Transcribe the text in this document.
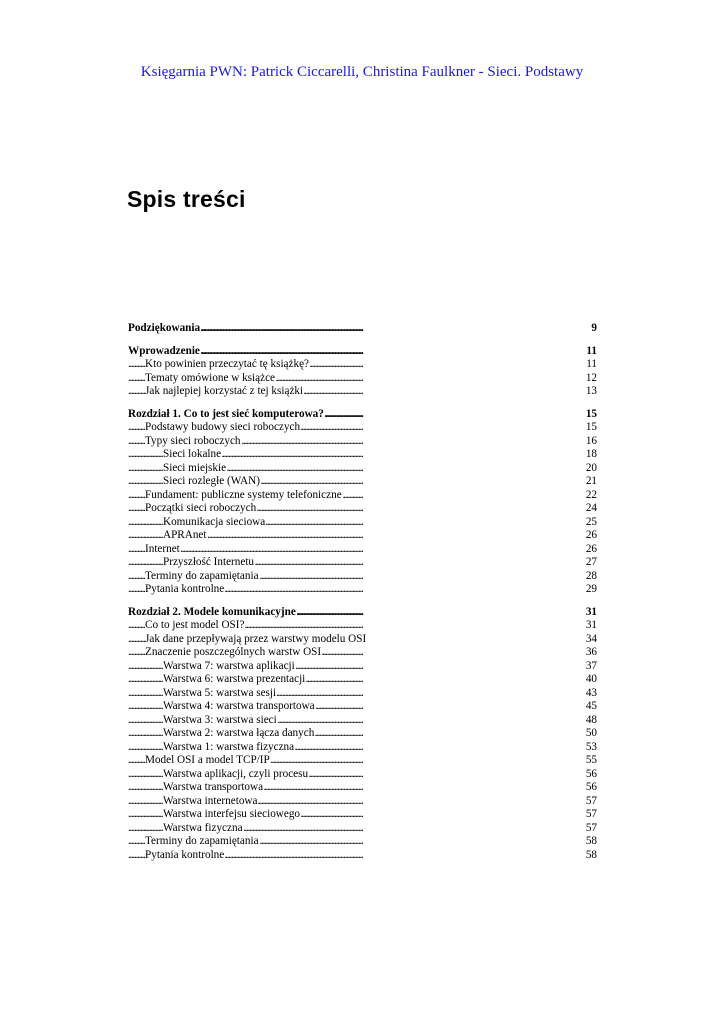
Księgarnia PWN: Patrick Ciccarelli, Christina Faulkner - Sieci. Podstawy
Spis treści
. . . Podziękowania	9
. . . Wprowadzenie	11
. . . Kto powinien przeczytać tę książkę?	11
. . . Tematy omówione w książce	12
. . . Jak najlepiej korzystać z tej książki	13
. . . Rozdział 1. Co to jest sieć komputerowa?	15
. . . Podstawy budowy sieci roboczych	15
. . . Typy sieci roboczych	16
. . . Sieci lokalne	18
. . . Sieci miejskie	20
. . . Sieci rozległe (WAN)	21
. . . Fundament: publiczne systemy telefoniczne	22
. . . Początki sieci roboczych	24
. . . Komunikacja sieciowa	25
. . . APRAnet	26
. . . Internet	26
. . . Przyszłość Internetu	27
. . . Terminy do zapamiętania	28
. . . Pytania kontrolne	29
. . . Rozdział 2. Modele komunikacyjne	31
. . . Co to jest model OSI?	31
. . . Jak dane przepływają przez warstwy modelu OSI	34
. . . Znaczenie poszczególnych warstw OSI	36
. . . Warstwa 7: warstwa aplikacji	37
. . . Warstwa 6: warstwa prezentacji	40
. . . Warstwa 5: warstwa sesji	43
. . . Warstwa 4: warstwa transportowa	45
. . . Warstwa 3: warstwa sieci	48
. . . Warstwa 2: warstwa łącza danych	50
. . . Warstwa 1: warstwa fizyczna	53
. . . Model OSI a model TCP/IP	55
. . . Warstwa aplikacji, czyli procesu	56
. . . Warstwa transportowa	56
. . . Warstwa internetowa	57
. . . Warstwa interfejsu sieciowego	57
. . . Warstwa fizyczna	57
. . . Terminy do zapamiętania	58
. . . Pytania kontrolne	58
